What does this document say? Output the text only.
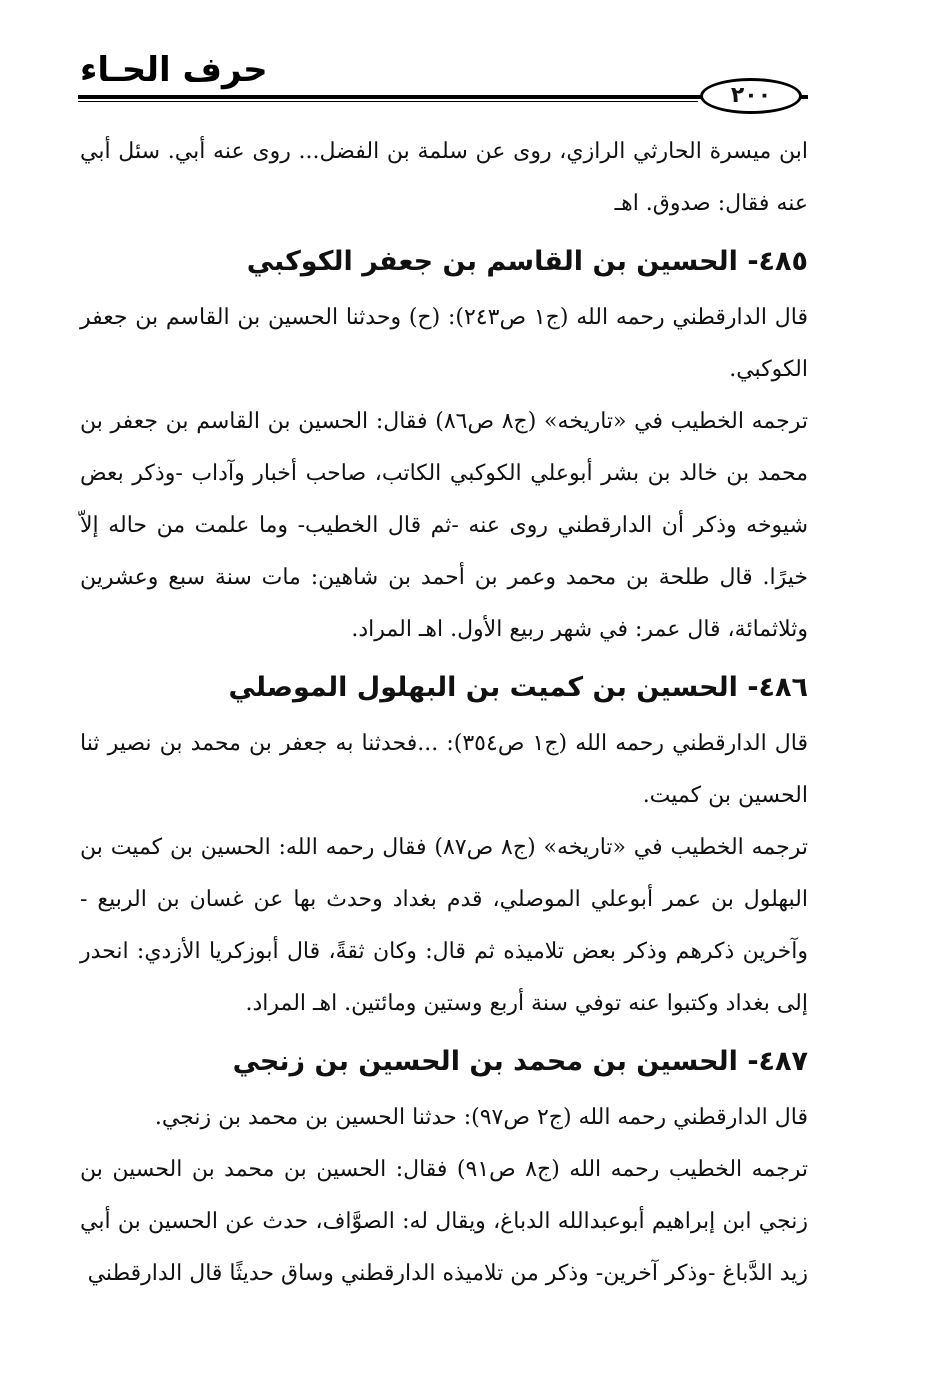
حرف الحـاء
٢٠٠

ابن ميسرة الحارثي الرازي، روى عن سلمة بن الفضل... روى عنه أبي. سئل أبي عنه فقال: صدوق. اهـ

٤٨٥- الحسين بن القاسم بن جعفر الكوكبي

قال الدارقطني رحمه الله (ج١ ص٢٤٣): (ح) وحدثنا الحسين بن القاسم بن جعفر الكوكبي.

ترجمه الخطيب في «تاريخه» (ج٨ ص٨٦) فقال: الحسين بن القاسم بن جعفر بن محمد بن خالد بن بشر أبوعلي الكوكبي الكاتب، صاحب أخبار وآداب -وذكر بعض شيوخه وذكر أن الدارقطني روى عنه -ثم قال الخطيب- وما علمت من حاله إلاّ خيرًا. قال طلحة بن محمد وعمر بن أحمد بن شاهين: مات سنة سبع وعشرين وثلاثمائة، قال عمر: في شهر ربيع الأول. اهـ المراد.

٤٨٦- الحسين بن كميت بن البهلول الموصلي

قال الدارقطني رحمه الله (ج١ ص٣٥٤): ...فحدثنا به جعفر بن محمد بن نصير ثنا الحسين بن كميت.

ترجمه الخطيب في «تاريخه» (ج٨ ص٨٧) فقال رحمه الله: الحسين بن كميت بن البهلول بن عمر أبوعلي الموصلي، قدم بغداد وحدث بها عن غسان بن الربيع - وآخرين ذكرهم وذكر بعض تلاميذه ثم قال: وكان ثقةً، قال أبوزكريا الأزدي: انحدر إلى بغداد وكتبوا عنه توفي سنة أربع وستين ومائتين. اهـ المراد.

٤٨٧- الحسين بن محمد بن الحسين بن زنجي

قال الدارقطني رحمه الله (ج٢ ص٩٧): حدثنا الحسين بن محمد بن زنجي.

ترجمه الخطيب رحمه الله (ج٨ ص٩١) فقال: الحسين بن محمد بن الحسين بن زنجي ابن إبراهيم أبوعبدالله الدباغ، ويقال له: الصوَّاف، حدث عن الحسين بن أبي زيد الدَّباغ -وذكر آخرين- وذكر من تلاميذه الدارقطني وساق حديثًا قال الدارقطني
